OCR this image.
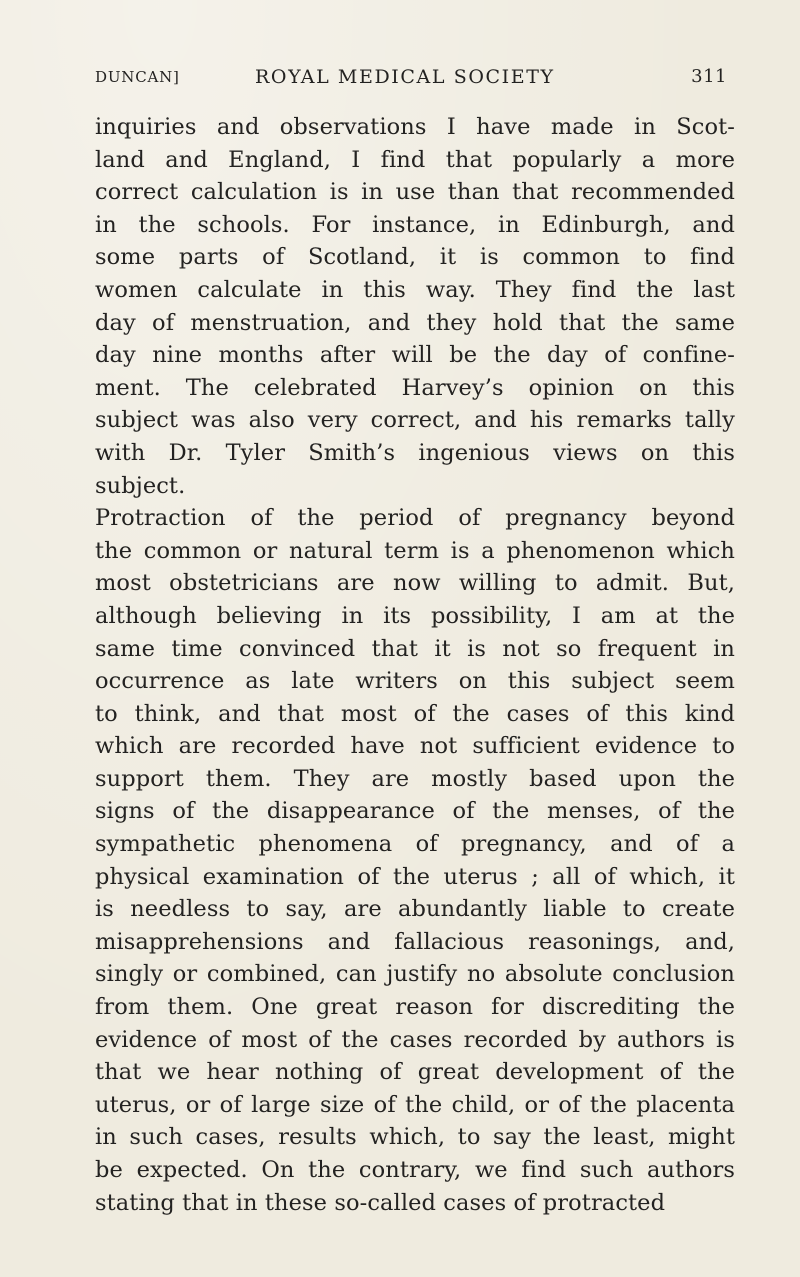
DUNCAN]	ROYAL MEDICAL SOCIETY	311
inquiries and observations I have made in Scot-
land and England, I find that popularly a more
correct calculation is in use than that recommended
in the schools. For instance, in Edinburgh, and
some parts of Scotland, it is common to find
women calculate in this way. They find the last
day of menstruation, and they hold that the same
day nine months after will be the day of confine-
ment. The celebrated Harvey’s opinion on this
subject was also very correct, and his remarks tally
with Dr. Tyler Smith’s ingenious views on this
subject.
Protraction of the period of pregnancy beyond
the common or natural term is a phenomenon which
most obstetricians are now willing to admit. But,
although believing in its possibility, I am at the
same time convinced that it is not so frequent in
occurrence as late writers on this subject seem
to think, and that most of the cases of this kind
which are recorded have not sufficient evidence to
support them. They are mostly based upon the
signs of the disappearance of the menses, of the
sympathetic phenomena of pregnancy, and of a
physical examination of the uterus ; all of which, it
is needless to say, are abundantly liable to create
misapprehensions and fallacious reasonings, and,
singly or combined, can justify no absolute conclusion
from them. One great reason for discrediting the
evidence of most of the cases recorded by authors is
that we hear nothing of great development of the
uterus, or of large size of the child, or of the placenta
in such cases, results which, to say the least, might
be expected. On the contrary, we find such authors
stating that in these so-called cases of protracted
